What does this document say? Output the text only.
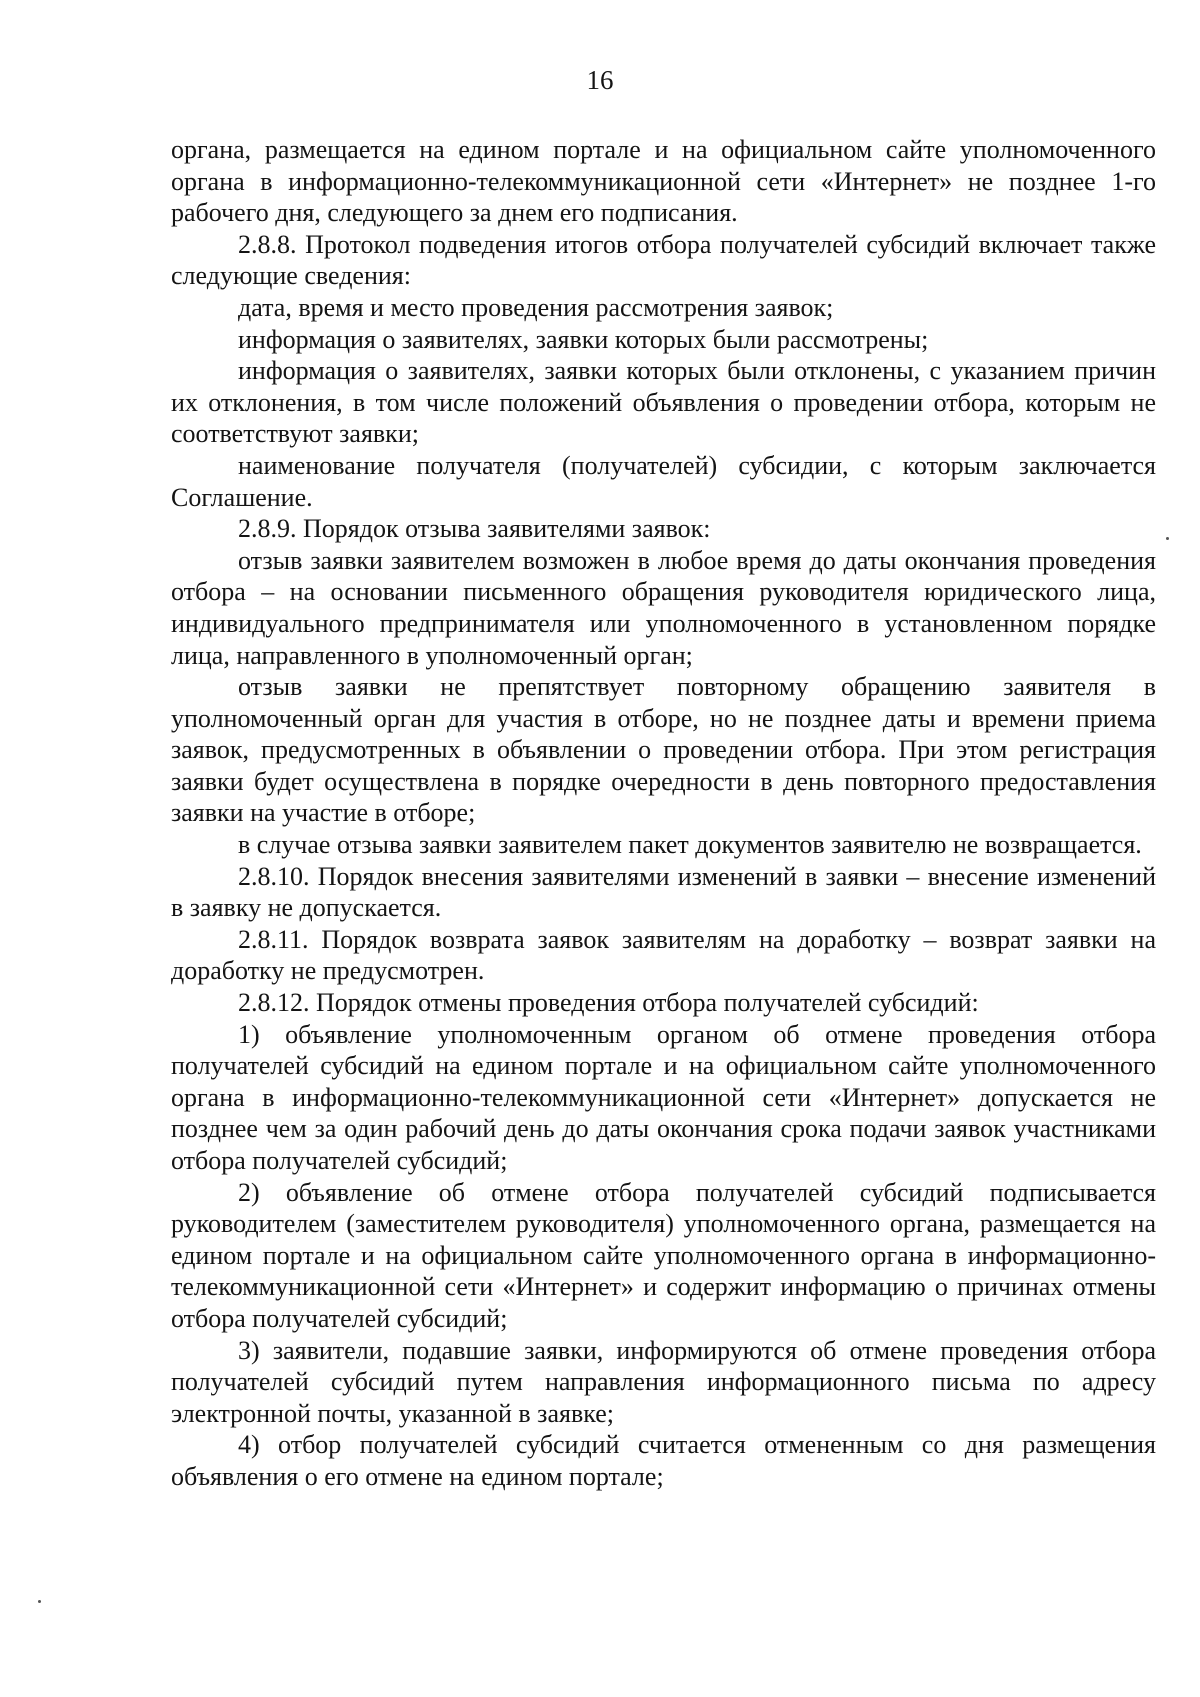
16

органа, размещается на едином портале и на официальном сайте уполномоченного органа в информационно-телекоммуникационной сети «Интернет» не позднее 1-го рабочего дня, следующего за днем его подписания.

2.8.8. Протокол подведения итогов отбора получателей субсидий включает также следующие сведения:

дата, время и место проведения рассмотрения заявок;

информация о заявителях, заявки которых были рассмотрены;

информация о заявителях, заявки которых были отклонены, с указанием причин их отклонения, в том числе положений объявления о проведении отбора, которым не соответствуют заявки;

наименование получателя (получателей) субсидии, с которым заключается Соглашение.

2.8.9. Порядок отзыва заявителями заявок:

отзыв заявки заявителем возможен в любое время до даты окончания проведения отбора – на основании письменного обращения руководителя юридического лица, индивидуального предпринимателя или уполномоченного в установленном порядке лица, направленного в уполномоченный орган;

отзыв заявки не препятствует повторному обращению заявителя в уполномоченный орган для участия в отборе, но не позднее даты и времени приема заявок, предусмотренных в объявлении о проведении отбора. При этом регистрация заявки будет осуществлена в порядке очередности в день повторного предоставления заявки на участие в отборе;

в случае отзыва заявки заявителем пакет документов заявителю не возвращается.

2.8.10. Порядок внесения заявителями изменений в заявки – внесение изменений в заявку не допускается.

2.8.11. Порядок возврата заявок заявителям на доработку – возврат заявки на доработку не предусмотрен.

2.8.12. Порядок отмены проведения отбора получателей субсидий:

1) объявление уполномоченным органом об отмене проведения отбора получателей субсидий на едином портале и на официальном сайте уполномоченного органа в информационно-телекоммуникационной сети «Интернет» допускается не позднее чем за один рабочий день до даты окончания срока подачи заявок участниками отбора получателей субсидий;

2) объявление об отмене отбора получателей субсидий подписывается руководителем (заместителем руководителя) уполномоченного органа, размещается на едином портале и на официальном сайте уполномоченного органа в информационно-телекоммуникационной сети «Интернет» и содержит информацию о причинах отмены отбора получателей субсидий;

3) заявители, подавшие заявки, информируются об отмене проведения отбора получателей субсидий путем направления информационного письма по адресу электронной почты, указанной в заявке;

4) отбор получателей субсидий считается отмененным со дня размещения объявления о его отмене на едином портале;
